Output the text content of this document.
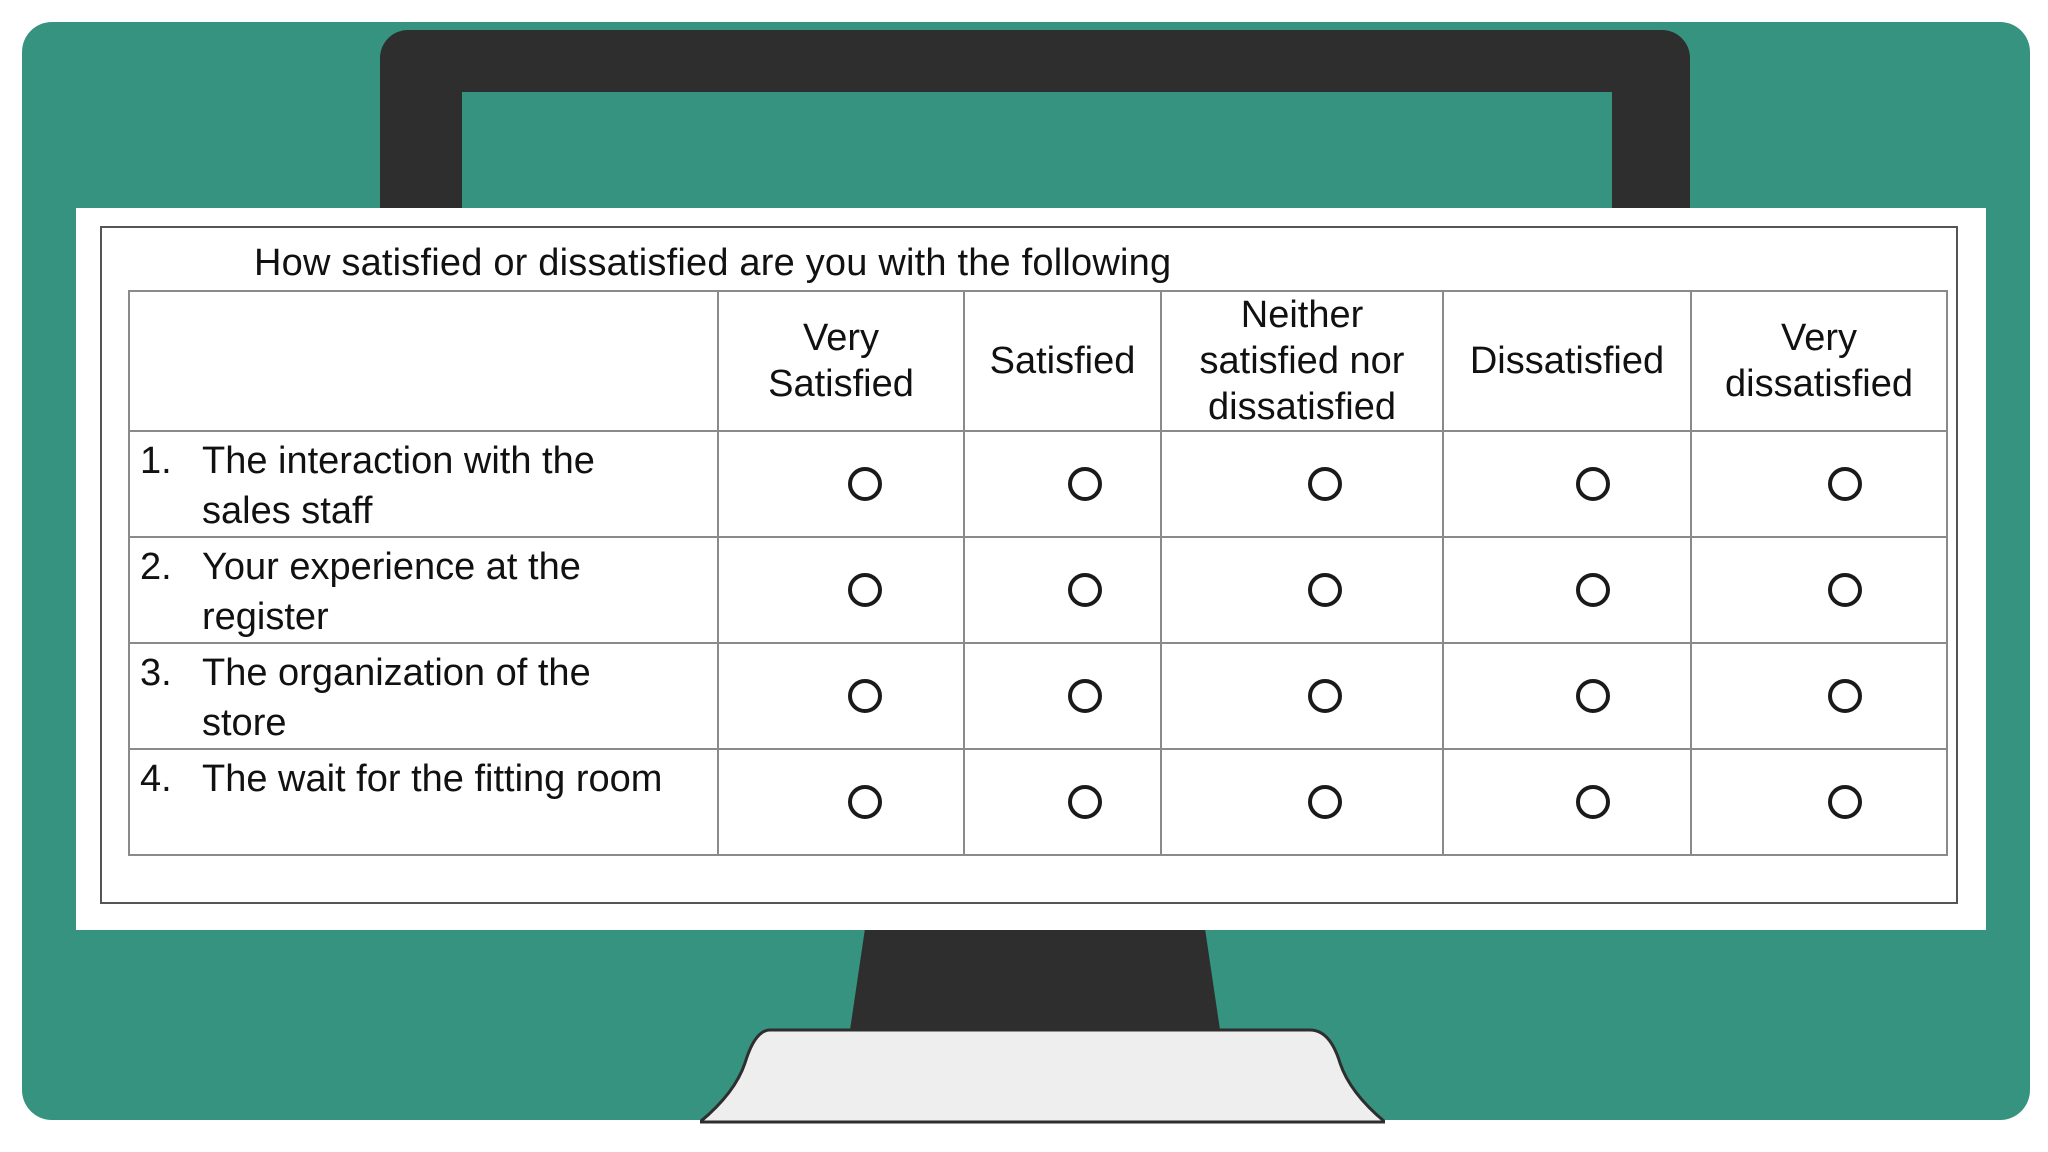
How satisfied or dissatisfied are you with the following

	Very Satisfied	Satisfied	Neither satisfied nor dissatisfied	Dissatisfied	Very dissatisfied

1. The interaction with the sales staff					

2. Your experience at the register					

3. The organization of the store					

4. The wait for the fitting room					
